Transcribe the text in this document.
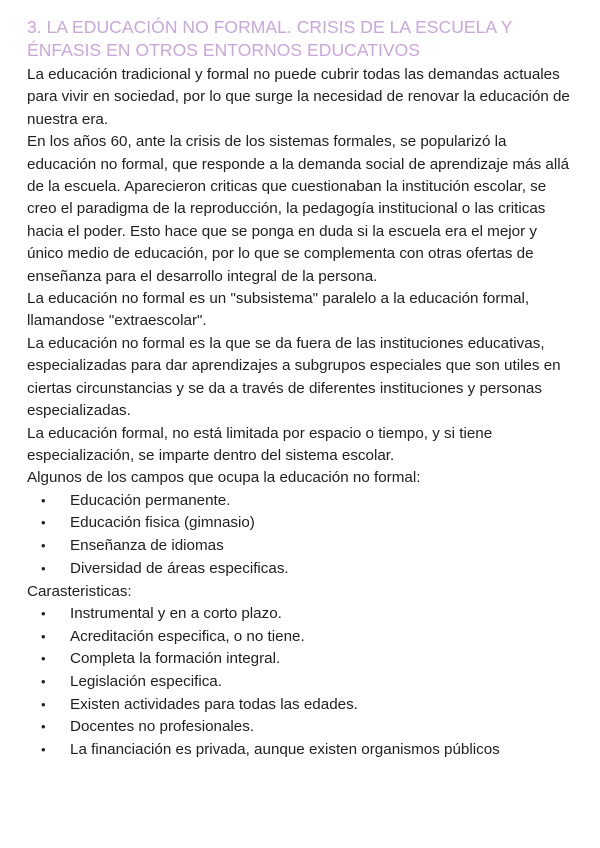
3. LA EDUCACIÓN NO FORMAL. CRISIS DE LA ESCUELA Y ÉNFASIS EN OTROS ENTORNOS EDUCATIVOS

La educación tradicional y formal no puede cubrir todas las demandas actuales para vivir en sociedad, por lo que surge la necesidad de renovar la educación de nuestra era.

En los años 60, ante la crisis de los sistemas formales, se popularizó la educación no formal, que responde a la demanda social de aprendizaje más allá de la escuela. Aparecieron criticas que cuestionaban la institución escolar, se creo el paradigma de la reproducción, la pedagogía institucional o las criticas hacia el poder. Esto hace que se ponga en duda si la escuela era el mejor y único medio de educación, por lo que se complementa con otras ofertas de enseñanza para el desarrollo integral de la persona.

La educación no formal es un "subsistema" paralelo a la educación formal, llamandose "extraescolar".

La educación no formal es la que se da fuera de las instituciones educativas, especializadas para dar aprendizajes a subgrupos especiales que son utiles en ciertas circunstancias y se da a través de diferentes instituciones y personas especializadas.

La educación formal, no está limitada por espacio o tiempo, y si tiene especialización, se imparte dentro del sistema escolar.

Algunos de los campos que ocupa la educación no formal:

• Educación permanente.
• Educación fisica (gimnasio)
• Enseñanza de idiomas
• Diversidad de áreas especificas.

Carasteristicas:

• Instrumental y en a corto plazo.
• Acreditación especifica, o no tiene.
• Completa la formación integral.
• Legislación especifica.
• Existen actividades para todas las edades.
• Docentes no profesionales.
• La financiación es privada, aunque existen organismos públicos
